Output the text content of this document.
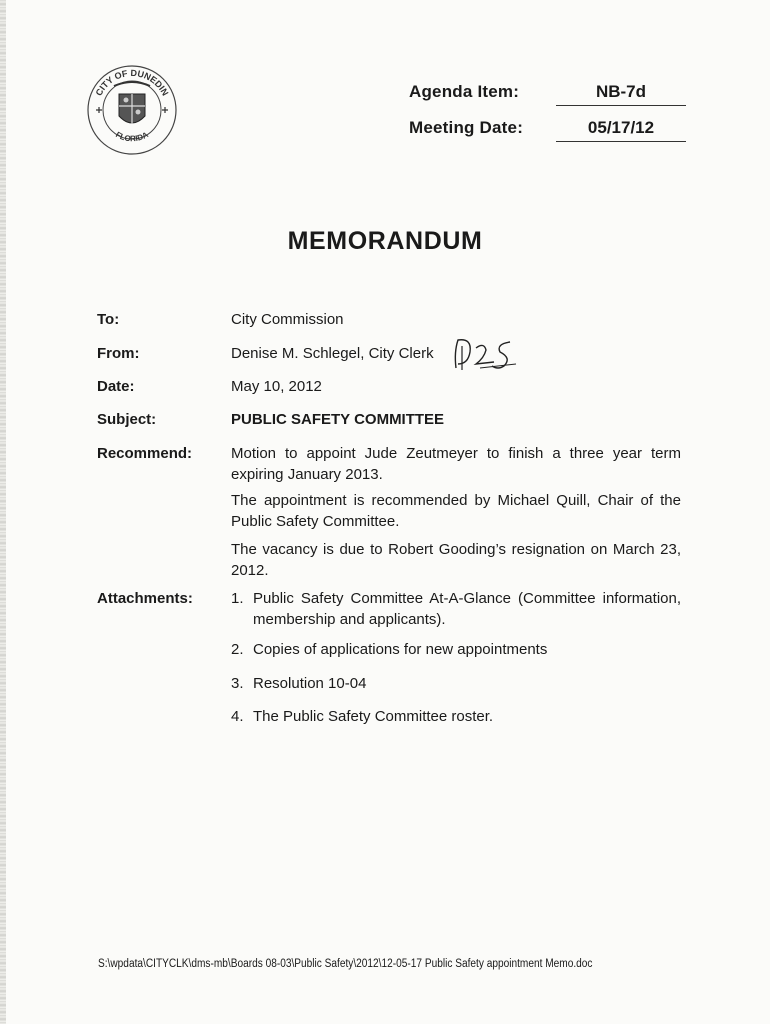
CITY OF DUNEDIN
FLORIDA
Agenda Item:	NB-7d
Meeting Date:	05/17/12
MEMORANDUM
To:	City Commission
From:	Denise M. Schlegel, City Clerk
Date:	May 10, 2012
Subject:	PUBLIC SAFETY COMMITTEE
Recommend:	Motion to appoint Jude Zeutmeyer to finish a three year term expiring January 2013.
The appointment is recommended by Michael Quill, Chair of the Public Safety Committee.
The vacancy is due to Robert Gooding’s resignation on March 23, 2012.
Attachments:	1. Public Safety Committee At-A-Glance (Committee information, membership and applicants).
2. Copies of applications for new appointments
3. Resolution 10-04
4. The Public Safety Committee roster.
S:\wpdata\CITYCLK\dms-mb\Boards 08-03\Public Safety\2012\12-05-17 Public Safety appointment Memo.doc
